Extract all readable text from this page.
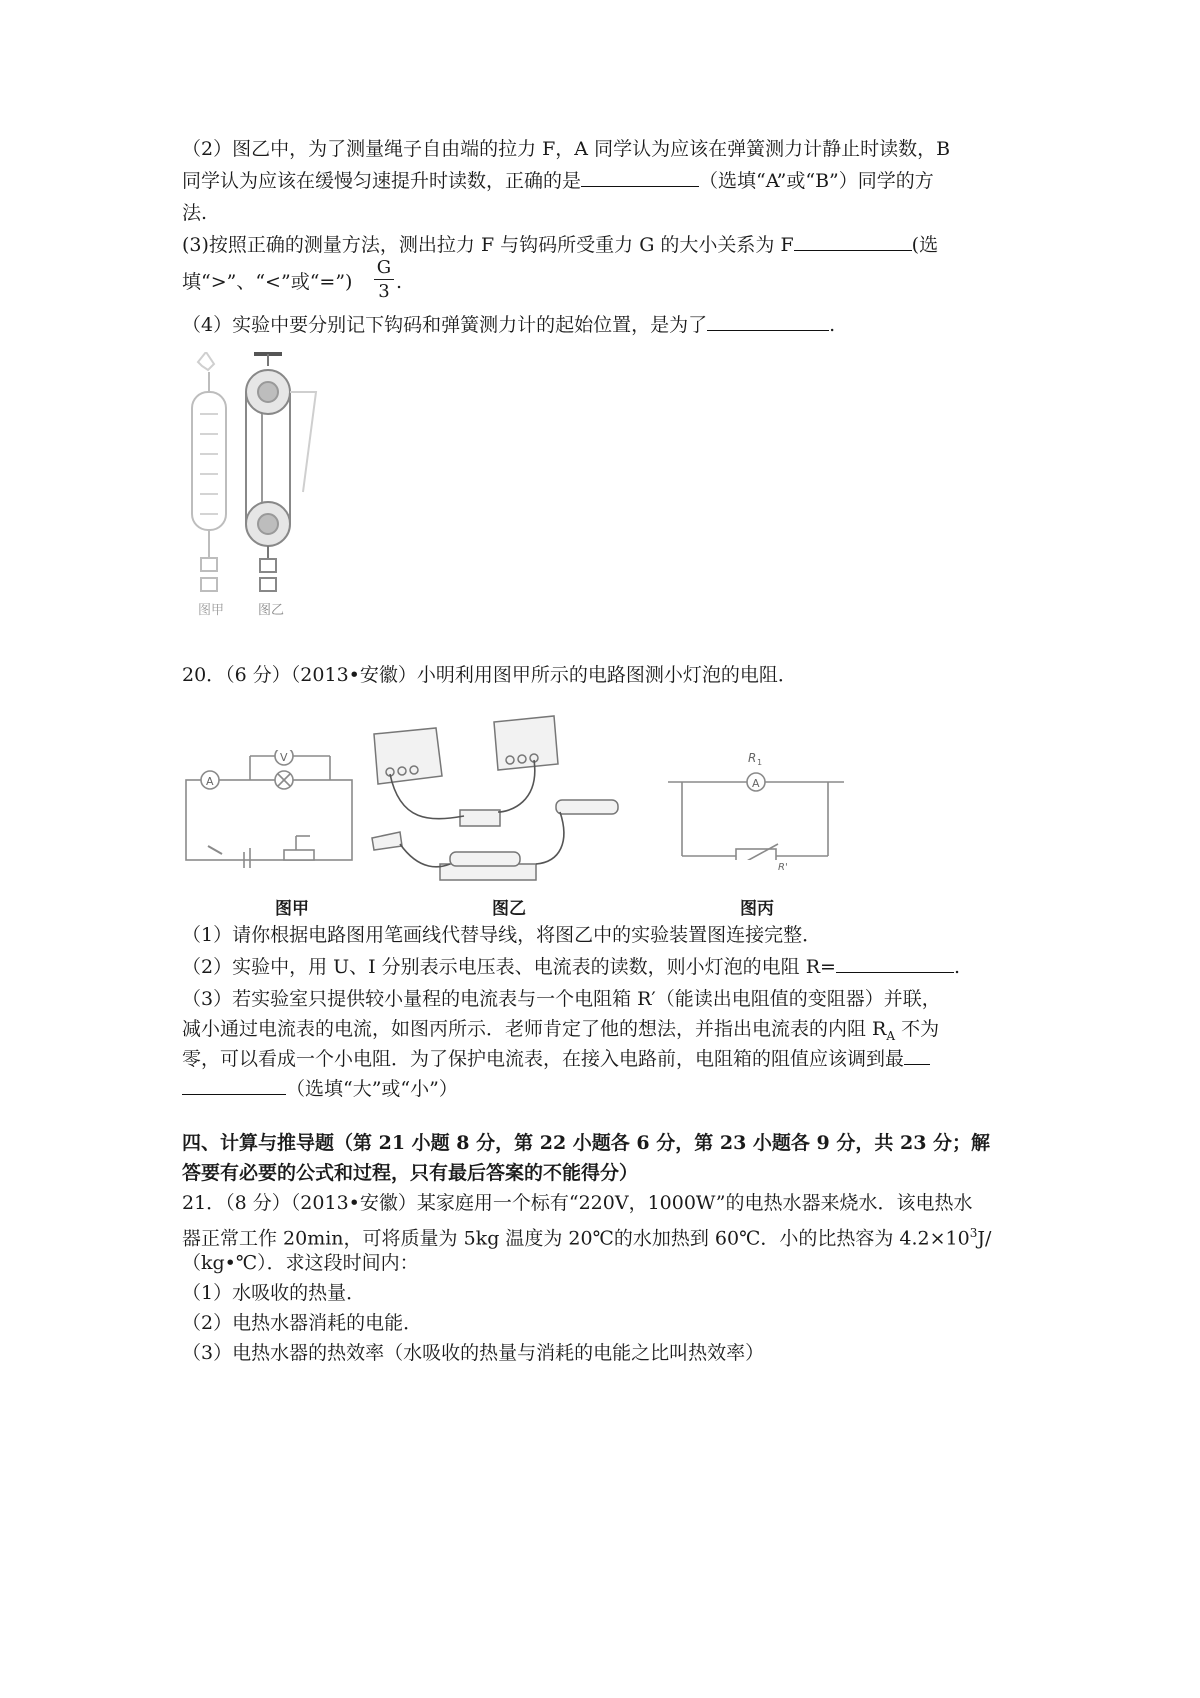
（2）图乙中，为了测量绳子自由端的拉力 F，A 同学认为应该在弹簧测力计静止时读数，B
同学认为应该在缓慢匀速提升时读数，正确的是	（选填“A”或“B”）同学的方
法.
(3)按照正确的测量方法，测出拉力 F 与钩码所受重力 G 的大小关系为 F	(选
填“>”、“<”或“=”)
G
3 .
（4）实验中要分别记下钩码和弹簧测力计的起始位置，是为了	.
图甲	图乙
20．（6 分）（2013•安徽）小明利用图甲所示的电路图测小灯泡的电阻．
A
V
A
R 1
R'
图甲	图乙	图丙
（1）请你根据电路图用笔画线代替导线，将图乙中的实验装置图连接完整．
（2）实验中，用 U、I 分别表示电压表、电流表的读数，则小灯泡的电阻 R=	.
（3）若实验室只提供较小量程的电流表与一个电阻箱 R′（能读出电阻值的变阻器）并联，
减小通过电流表的电流，如图丙所示．老师肯定了他的想法，并指出电流表的内阻 $R_A$ 不为
零，可以看成一个小电阻．为了保护电流表，在接入电路前，电阻箱的阻值应该调到最
（选填“大”或“小”）
四、计算与推导题（第 21 小题 8 分，第 22 小题各 6 分，第 23 小题各 9 分，共 23 分；解
答要有必要的公式和过程，只有最后答案的不能得分）
21．（8 分）（2013•安徽）某家庭用一个标有“220V，1000W”的电热水器来烧水．该电热水
器正常工作 20min，可将质量为 5kg 温度为 20℃的水加热到 60℃．小的比热容为 $4.2\times 10^3J/$
（kg•℃）．求这段时间内：
（1）水吸收的热量．
（2）电热水器消耗的电能．
（3）电热水器的热效率（水吸收的热量与消耗的电能之比叫热效率）
